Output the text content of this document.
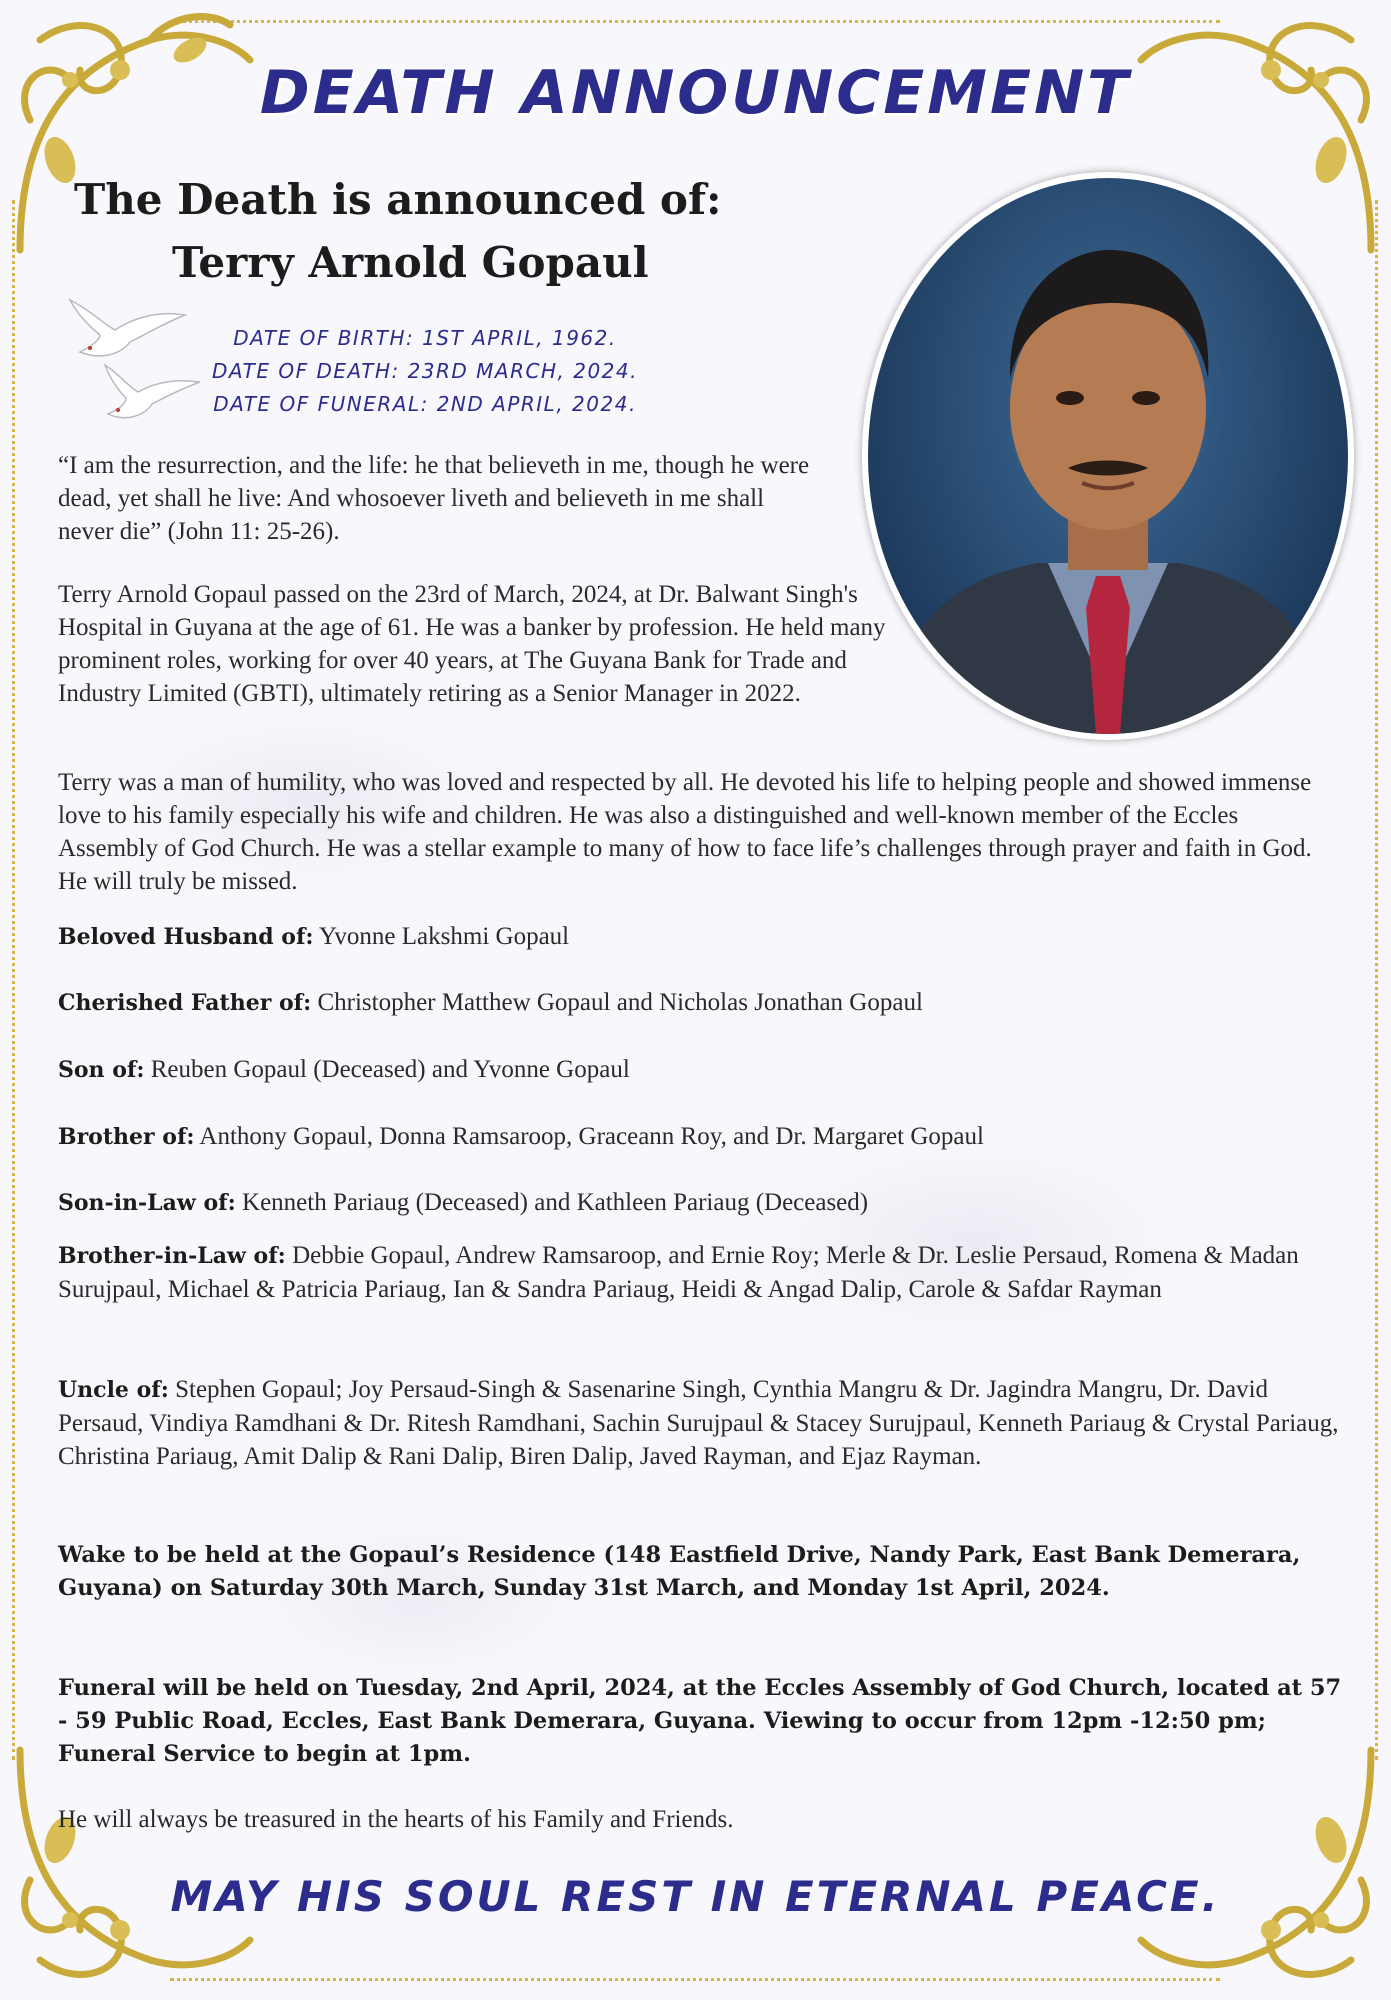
DEATH ANNOUNCEMENT
The Death is announced of:
Terry Arnold Gopaul
DATE OF BIRTH: 1ST APRIL, 1962.
DATE OF DEATH: 23RD MARCH, 2024.
DATE OF FUNERAL: 2ND APRIL, 2024.
“I am the resurrection, and the life: he that believeth in me, though he were dead, yet shall he live: And whosoever liveth and believeth in me shall never die” (John 11: 25-26).
Terry Arnold Gopaul passed on the 23rd of March, 2024, at Dr. Balwant Singh's Hospital in Guyana at the age of 61. He was a banker by profession. He held many prominent roles, working for over 40 years, at The Guyana Bank for Trade and Industry Limited (GBTI), ultimately retiring as a Senior Manager in 2022.
Terry was a man of humility, who was loved and respected by all. He devoted his life to helping people and showed immense love to his family especially his wife and children. He was also a distinguished and well-known member of the Eccles Assembly of God Church. He was a stellar example to many of how to face life’s challenges through prayer and faith in God. He will truly be missed.
Beloved Husband of: Yvonne Lakshmi Gopaul
Cherished Father of: Christopher Matthew Gopaul and Nicholas Jonathan Gopaul
Son of: Reuben Gopaul (Deceased) and Yvonne Gopaul
Brother of: Anthony Gopaul, Donna Ramsaroop, Graceann Roy, and Dr. Margaret Gopaul
Son-in-Law of: Kenneth Pariaug (Deceased) and Kathleen Pariaug (Deceased)
Brother-in-Law of: Debbie Gopaul, Andrew Ramsaroop, and Ernie Roy; Merle & Dr. Leslie Persaud, Romena & Madan Surujpaul, Michael & Patricia Pariaug, Ian & Sandra Pariaug, Heidi & Angad Dalip, Carole & Safdar Rayman
Uncle of: Stephen Gopaul; Joy Persaud-Singh & Sasenarine Singh, Cynthia Mangru & Dr. Jagindra Mangru, Dr. David Persaud, Vindiya Ramdhani & Dr. Ritesh Ramdhani, Sachin Surujpaul & Stacey Surujpaul, Kenneth Pariaug & Crystal Pariaug, Christina Pariaug, Amit Dalip & Rani Dalip, Biren Dalip, Javed Rayman, and Ejaz Rayman.
Wake to be held at the Gopaul’s Residence (148 Eastfield Drive, Nandy Park, East Bank Demerara, Guyana) on Saturday 30th March, Sunday 31st March, and Monday 1st April, 2024.
Funeral will be held on Tuesday, 2nd April, 2024, at the Eccles Assembly of God Church, located at 57 - 59 Public Road, Eccles, East Bank Demerara, Guyana. Viewing to occur from 12pm -12:50 pm; Funeral Service to begin at 1pm.
He will always be treasured in the hearts of his Family and Friends.
MAY HIS SOUL REST IN ETERNAL PEACE.
